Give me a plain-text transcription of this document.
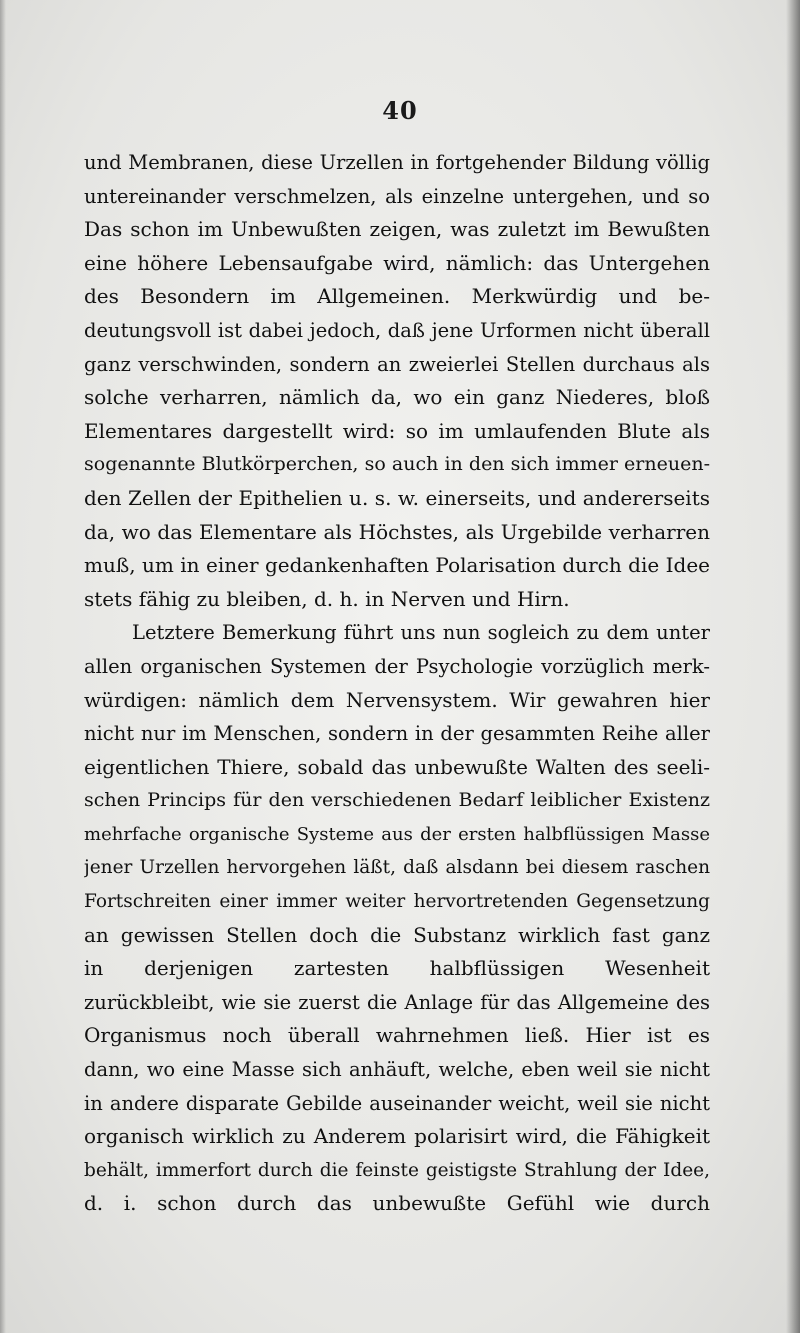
40
und Membranen, diese Urzellen in fortgehender Bildung völlig
untereinander verschmelzen, als einzelne untergehen, und so
Das schon im Unbewußten zeigen, was zuletzt im Bewußten
eine höhere Lebensaufgabe wird, nämlich: das Untergehen
des Besondern im Allgemeinen. Merkwürdig und be-
deutungsvoll ist dabei jedoch, daß jene Urformen nicht überall
ganz verschwinden, sondern an zweierlei Stellen durchaus als
solche verharren, nämlich da, wo ein ganz Niederes, bloß
Elementares dargestellt wird: so im umlaufenden Blute als
sogenannte Blutkörperchen, so auch in den sich immer erneuen-
den Zellen der Epithelien u. s. w. einerseits, und andererseits
da, wo das Elementare als Höchstes, als Urgebilde verharren
muß, um in einer gedankenhaften Polarisation durch die Idee
stets fähig zu bleiben, d. h. in Nerven und Hirn.
Letztere Bemerkung führt uns nun sogleich zu dem unter
allen organischen Systemen der Psychologie vorzüglich merk-
würdigen: nämlich dem Nervensystem. Wir gewahren hier
nicht nur im Menschen, sondern in der gesammten Reihe aller
eigentlichen Thiere, sobald das unbewußte Walten des seeli-
schen Princips für den verschiedenen Bedarf leiblicher Existenz
mehrfache organische Systeme aus der ersten halbflüssigen Masse
jener Urzellen hervorgehen läßt, daß alsdann bei diesem raschen
Fortschreiten einer immer weiter hervortretenden Gegensetzung
an gewissen Stellen doch die Substanz wirklich fast ganz
in derjenigen zartesten halbflüssigen Wesenheit
zurückbleibt, wie sie zuerst die Anlage für das Allgemeine des
Organismus noch überall wahrnehmen ließ. Hier ist es
dann, wo eine Masse sich anhäuft, welche, eben weil sie nicht
in andere disparate Gebilde auseinander weicht, weil sie nicht
organisch wirklich zu Anderem polarisirt wird, die Fähigkeit
behält, immerfort durch die feinste geistigste Strahlung der Idee,
d. i. schon durch das unbewußte Gefühl wie durch
